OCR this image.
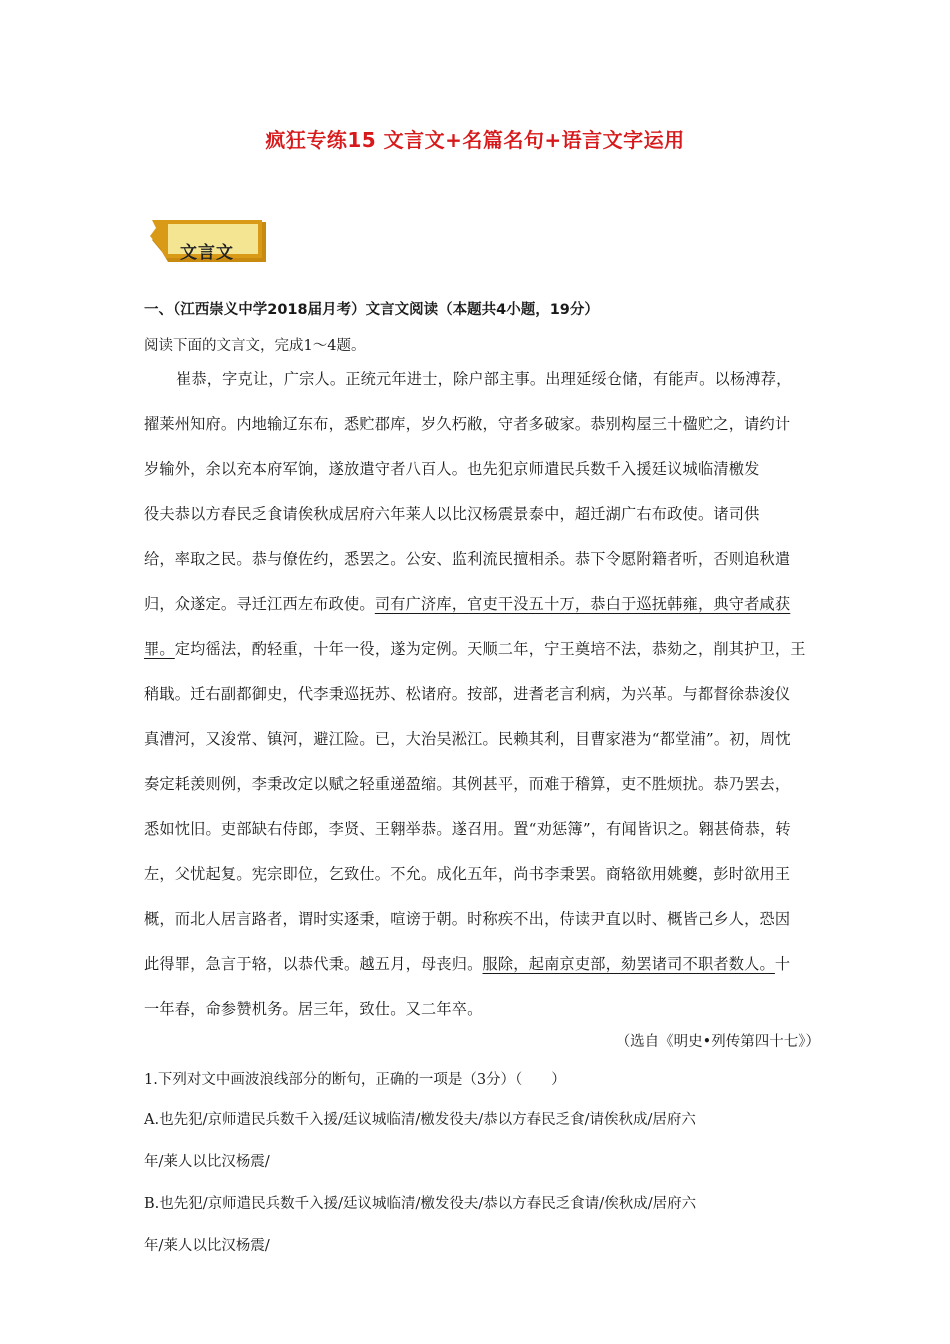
疯狂专练15 文言文+名篇名句+语言文字运用
文言文
一、（江西崇义中学2018届月考）文言文阅读（本题共4小题，19分）
阅读下面的文言文，完成1～4题。
崔恭，字克让，广宗人。正统元年进士，除户部主事。出理延绥仓储，有能声。以杨溥荐，
擢莱州知府。内地输辽东布，悉贮郡库，岁久朽敝，守者多破家。恭别构屋三十楹贮之，请约计
岁输外，余以充本府军饷，遂放遣守者八百人。也先犯京师遣民兵数千入援廷议城临清檄发
役夫恭以方春民乏食请俟秋成居府六年莱人以比汉杨震景泰中，超迁湖广右布政使。诸司供
给，率取之民。恭与僚佐约，悉罢之。公安、监利流民擅相杀。恭下令愿附籍者听，否则追秋遣
归，众遂定。寻迁江西左布政使。司有广济库，官吏干没五十万，恭白于巡抚韩雍，典守者咸获
罪。定均徭法，酌轻重，十年一役，遂为定例。天顺二年，宁王奠培不法，恭劾之，削其护卫，王
稍戢。迁右副都御史，代李秉巡抚苏、松诸府。按部，进耆老言利病，为兴革。与都督徐恭浚仪
真漕河，又浚常、镇河，避江险。已，大治吴淞江。民赖其利，目曹家港为“都堂浦”。初，周忱
奏定耗羡则例，李秉改定以赋之轻重递盈缩。其例甚平，而难于稽算，吏不胜烦扰。恭乃罢去，
悉如忱旧。吏部缺右侍郎，李贤、王翱举恭。遂召用。置“劝惩簿”，有闻皆识之。翱甚倚恭，转
左，父忧起复。宪宗即位，乞致仕。不允。成化五年，尚书李秉罢。商辂欲用姚夔，彭时欲用王
概，而北人居言路者，谓时实逐秉，喧谤于朝。时称疾不出，侍读尹直以时、概皆己乡人，恐因
此得罪，急言于辂，以恭代秉。越五月，母丧归。服除，起南京吏部，劾罢诸司不职者数人。十
一年春，命参赞机务。居三年，致仕。又二年卒。
（选自《明史•列传第四十七》）
1.下列对文中画波浪线部分的断句，正确的一项是（3分）（　　）
A.也先犯/京师遣民兵数千入援/廷议城临清/檄发役夫/恭以方春民乏食/请俟秋成/居府六
年/莱人以比汉杨震/
B.也先犯/京师遣民兵数千入援/廷议城临清/檄发役夫/恭以方春民乏食请/俟秋成/居府六
年/莱人以比汉杨震/
